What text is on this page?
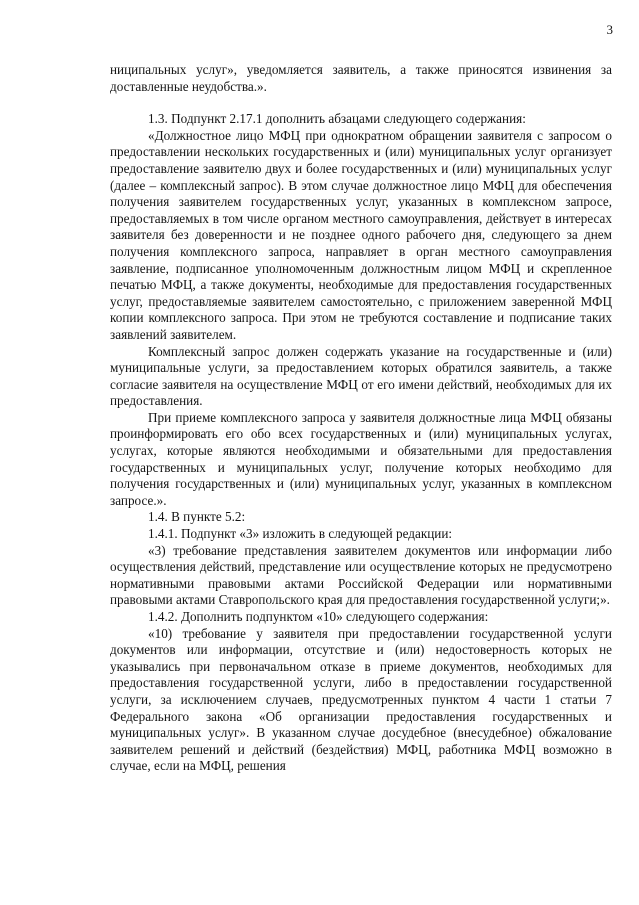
3

ниципальных услуг», уведомляется заявитель, а также приносятся извинения за доставленные неудобства.».

1.3. Подпункт 2.17.1 дополнить абзацами следующего содержания:

«Должностное лицо МФЦ при однократном обращении заявителя с запросом о предоставлении нескольких государственных и (или) муниципальных услуг организует предоставление заявителю двух и более государственных и (или) муниципальных услуг (далее – комплексный запрос). В этом случае должностное лицо МФЦ для обеспечения получения заявителем государственных услуг, указанных в комплексном запросе, предоставляемых в том числе органом местного самоуправления, действует в интересах заявителя без доверенности и не позднее одного рабочего дня, следующего за днем получения комплексного запроса, направляет в орган местного самоуправления заявление, подписанное уполномоченным должностным лицом МФЦ и скрепленное печатью МФЦ, а также документы, необходимые для предоставления государственных услуг, предоставляемые заявителем самостоятельно, с приложением заверенной МФЦ копии комплексного запроса. При этом не требуются составление и подписание таких заявлений заявителем.

Комплексный запрос должен содержать указание на государственные и (или) муниципальные услуги, за предоставлением которых обратился заявитель, а также согласие заявителя на осуществление МФЦ от его имени действий, необходимых для их предоставления.

При приеме комплексного запроса у заявителя должностные лица МФЦ обязаны проинформировать его обо всех государственных и (или) муниципальных услугах, услугах, которые являются необходимыми и обязательными для предоставления государственных и муниципальных услуг, получение которых необходимо для получения государственных и (или) муниципальных услуг, указанных в комплексном запросе.».

1.4. В пункте 5.2:

1.4.1. Подпункт «3» изложить в следующей редакции:

«3) требование представления заявителем документов или информации либо осуществления действий, представление или осуществление которых не предусмотрено нормативными правовыми актами Российской Федерации или нормативными правовыми актами Ставропольского края для предоставления государственной услуги;».

1.4.2. Дополнить подпунктом «10» следующего содержания:

«10) требование у заявителя при предоставлении государственной услуги документов или информации, отсутствие и (или) недостоверность которых не указывались при первоначальном отказе в приеме документов, необходимых для предоставления государственной услуги, либо в предоставлении государственной услуги, за исключением случаев, предусмотренных пунктом 4 части 1 статьи 7 Федерального закона «Об организации предоставления государственных и муниципальных услуг». В указанном случае досудебное (внесудебное) обжалование заявителем решений и действий (бездействия) МФЦ, работника МФЦ возможно в случае, если на МФЦ, решения
